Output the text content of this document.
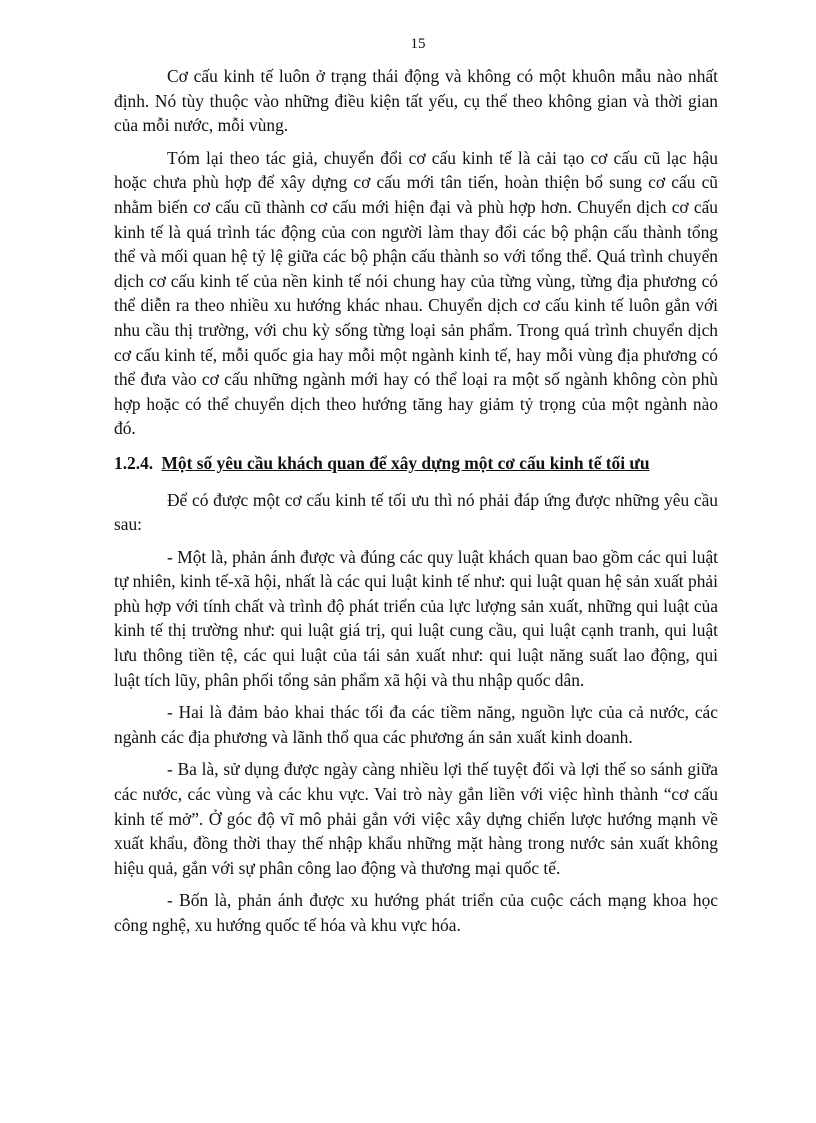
15

Cơ cấu kinh tế luôn ở trạng thái động và không có một khuôn mẫu nào nhất định. Nó tùy thuộc vào những điều kiện tất yếu, cụ thể theo không gian và thời gian của mỗi nước, mỗi vùng.

Tóm lại theo tác giả, chuyển đổi cơ cấu kinh tế là cải tạo cơ cấu cũ lạc hậu hoặc chưa phù hợp để xây dựng cơ cấu mới tân tiến, hoàn thiện bổ sung cơ cấu cũ nhằm biến cơ cấu cũ thành cơ cấu mới hiện đại và phù hợp hơn. Chuyển dịch cơ cấu kinh tế là quá trình tác động của con người làm thay đổi các bộ phận cấu thành tổng thể và mối quan hệ tỷ lệ giữa các bộ phận cấu thành so với tổng thể. Quá trình chuyển dịch cơ cấu kinh tế của nền kinh tế nói chung hay của từng vùng, từng địa phương có thể diễn ra theo nhiều xu hướng khác nhau. Chuyển dịch cơ cấu kinh tế luôn gắn với nhu cầu thị trường, với chu kỳ sống từng loại sản phẩm. Trong quá trình chuyển dịch cơ cấu kinh tế, mỗi quốc gia hay mỗi một ngành kinh tế, hay mỗi vùng địa phương có thể đưa vào cơ cấu những ngành mới hay có thể loại ra một số ngành không còn phù hợp hoặc có thể chuyển dịch theo hướng tăng hay giảm tỷ trọng của một ngành nào đó.

1.2.4. Một số yêu cầu khách quan để xây dựng một cơ cấu kinh tế tối ưu

Để có được một cơ cấu kinh tế tối ưu thì nó phải đáp ứng được những yêu cầu sau:

- Một là, phản ánh được và đúng các quy luật khách quan bao gồm các qui luật tự nhiên, kinh tế-xã hội, nhất là các qui luật kinh tế như: qui luật quan hệ sản xuất phải phù hợp với tính chất và trình độ phát triển của lực lượng sản xuất, những qui luật của kinh tế thị trường như: qui luật giá trị, qui luật cung cầu, qui luật cạnh tranh, qui luật lưu thông tiền tệ, các qui luật của tái sản xuất như: qui luật năng suất lao động, qui luật tích lũy, phân phối tổng sản phẩm xã hội và thu nhập quốc dân.

- Hai là đảm bảo khai thác tối đa các tiềm năng, nguồn lực của cả nước, các ngành các địa phương và lãnh thổ qua các phương án sản xuất kinh doanh.

- Ba là, sử dụng được ngày càng nhiều lợi thế tuyệt đối và lợi thế so sánh giữa các nước, các vùng và các khu vực. Vai trò này gắn liền với việc hình thành “cơ cấu kinh tế mở”. Ở góc độ vĩ mô phải gắn với việc xây dựng chiến lược hướng mạnh về xuất khẩu, đồng thời thay thế nhập khẩu những mặt hàng trong nước sản xuất không hiệu quả, gắn với sự phân công lao động và thương mại quốc tế.

- Bốn là, phản ánh được xu hướng phát triển của cuộc cách mạng khoa học công nghệ, xu hướng quốc tế hóa và khu vực hóa.
